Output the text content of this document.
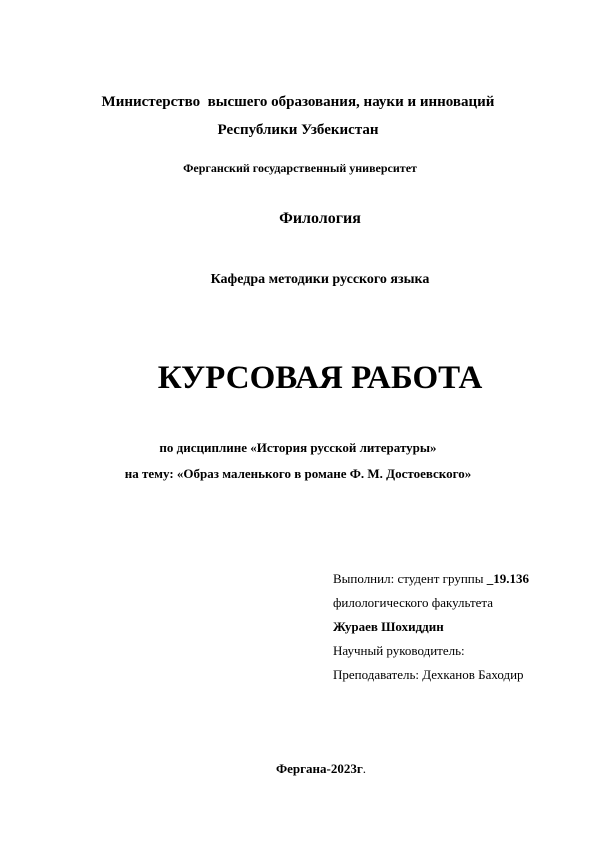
Министерство  высшего образования, науки и инноваций
Республики Узбекистан
Ферганский государственный университет
Филология
Кафедра методики русского языка
КУРСОВАЯ РАБОТА
по дисциплине «История русской литературы»
на тему: «Образ маленького в романе Ф. М. Достоевского»
Выполнил: студент группы _19.136
филологического факультета
Жураев Шохиддин
Научный руководитель:
Преподаватель: Дехканов Баходир
Фергана-2023г.
